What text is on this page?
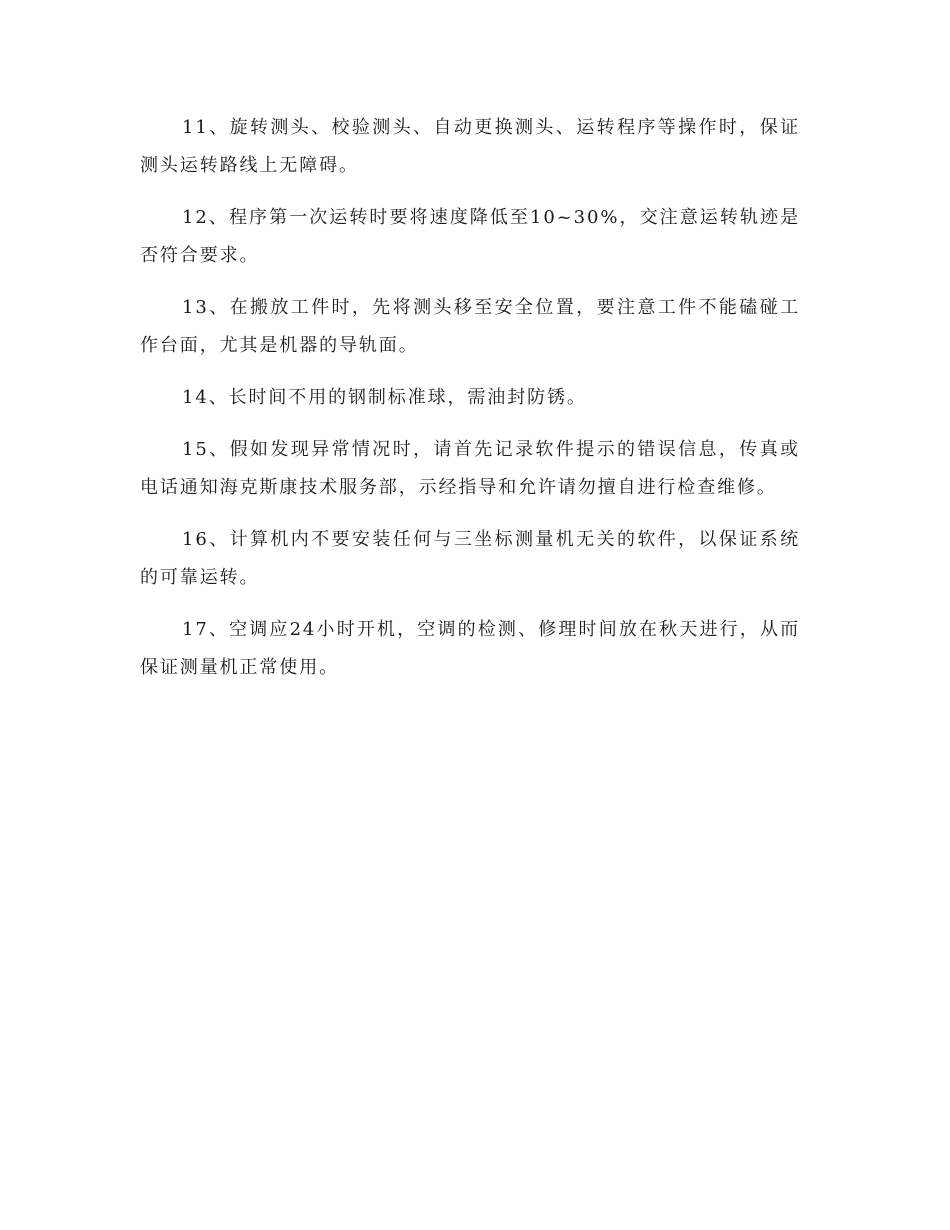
11、旋转测头、校验测头、自动更换测头、运转程序等操作时，保证测头运转路线上无障碍。

12、程序第一次运转时要将速度降低至10~30%，交注意运转轨迹是否符合要求。

13、在搬放工件时，先将测头移至安全位置，要注意工件不能磕碰工作台面，尤其是机器的导轨面。

14、长时间不用的钢制标准球，需油封防锈。

15、假如发现异常情况时，请首先记录软件提示的错误信息，传真或电话通知海克斯康技术服务部，示经指导和允许请勿擅自进行检查维修。

16、计算机内不要安装任何与三坐标测量机无关的软件，以保证系统的可靠运转。

17、空调应24小时开机，空调的检测、修理时间放在秋天进行，从而保证测量机正常使用。
